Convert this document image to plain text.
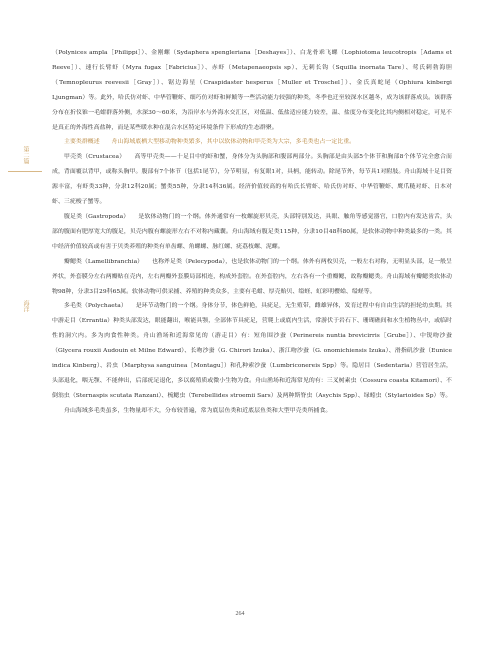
第二篇
海洋

（Polynices ampla［Philippi］）、金刚螺（Sydaphera spengleriana［Deshayes］）、白龙骨乖飞螺（Lophiotoma leucotropis［Adams et Reeve］）、速行长臂虾（Myra fugax［Fabricius］）、赤虾（Metapenaeopsis sp）、无刺长钩（Squilla inornata Tare）、莺氏刺勃海胆（Temnopleurus reevesii［Gray］）、锯边海星（Craspidaster hesperus［Muller et Troschel］）、金氏真蛇尾（Ophiura kinbergi Ljungman）等。此外，哈氏仿对虾、中华管鞭虾、细巧仿对虾和鲜鮁等一些活动能力较强的种类，冬季也迁至较深水区越冬，成为该群落成员。该群落分布在折仪锥一毛蚶群落外侧，水深30～60米，为沿岸水与外海水交汇区，对低温、低盐适应能力较差，温、盐度分布变化比其内侧相对稳定，可见不是真正的外海性高盐种，而是某些暖水种在混合水区特定环境条件下形成的生态群聚。

主要类群概述　　舟山海域底栖大型移动物种类繁多，其中以软体动物和甲壳类为大宗，多毛类也占一定比重。

甲壳类（Crustacea）　　高等甲壳类——十足目中的虾和蟹，身体分为头胸部和腹部两部分。头胸部是由头部5个体节和胸部8个体节完全愈合而成，背面覆以背甲，或称头胸甲。腹部有7个体节（包括1尾节），分节明显，有复眼1对，具柄，能转动。除尾节外，每节具1对附肢。舟山海域十足目资源丰富，有虾类33种，分隶12科20属；蟹类55种，分隶14科36属。经济价值较高的有哈氏长臂虾、哈氏仿对虾、中华管鞭虾、鹰爪糙对虾、日本对虾、三疣梭子蟹等。

腹足类（Gastropoda）　　是软体动物门的一个纲。体外通常有一枚螺旋形贝壳，头部特别发达，具眼、触角等感觉器官，口腔内有发达齿舌，头部的腹面有肥厚宽大的腹足，贝壳内腹有螺旋形左右不对称内藏囊。舟山海域有腹足类115种，分隶10目48科80属，是软体动物中种类最多的一类。其中经济价值较高或有害于贝类养殖的种类有单齿螺、角螺螺、脉红螺、疣荔枝螺、泥螺。

瓣鳃类（Lamellibranchia）　　也称斧足类（Pelecypoda），也是软体动物门的一个纲。体外有两枚贝壳，一般左右对称，无明显头部，足一般呈斧状，外套膜分左右两瓣贴在壳内，左右两瓣外套膜局部相连，构成外套腔。在外套腔内，左右各有一个重瓣鳃，故称瓣鳃类。舟山海域有瓣鳃类软体动物98种，分隶3目29科65属。软体动物可供采捕、养殖的种类众多，主要有毛蚶、厚壳贻贝、缢蛏、虹彩明樱蛤、缢蛏等。

多毛类（Polychaeta）　　是环节动物门的一个纲。身体分节，体色鲜艳，具疣足，无生殖带，雌雄异体，发育过程中有自由生活的担轮幼虫期。其中游走目（Errantia）种类头部发达，眼能翻出，喉能具颚，全部体节具疣足，营爬上或底内生活，常游伏于岩石下、珊瑚礁间和水生植物丛中，或临时性的洞穴内。多为肉食性种类。舟山渔场和近海常见的（游走目）有：短角围沙蚕（Perinereis nuntia brevicirris［Grube］）、中锐吻沙蚕（Glycera rouxii Audouin et Milne Edward）、长吻沙蚕（G. Chirori Izuka）、浙江吻沙蚕（G. onomichiensis Izuka）、滑指矶沙蚕（Eunice indica Kinberg）、岩虫（Marphysa sanguinea［Montagu］）和孔种索沙蚕（Lumbriconereis Spp）等。隐居目（Sedentaria）营管居生活，头部退化，咽无颚、不能伸出，后部疣足退化，多以腐殖质或微小生物为食。舟山渔场和近海常见的有：三叉树素虫（Cossura coasta Kitamori）、不倒翁虫（Sternaspis scutata Ranzani）、梳鳃虫（Terebellides stroemii Sars）及两种斯脊虫（Asychis Spp）、绿蚓虫（Stylarioides Sp）等。

舟山海域多毛类虽多，生物量却不大，分布较普遍，常为底层鱼类和近底层鱼类和大型甲壳类所捕食。

264
